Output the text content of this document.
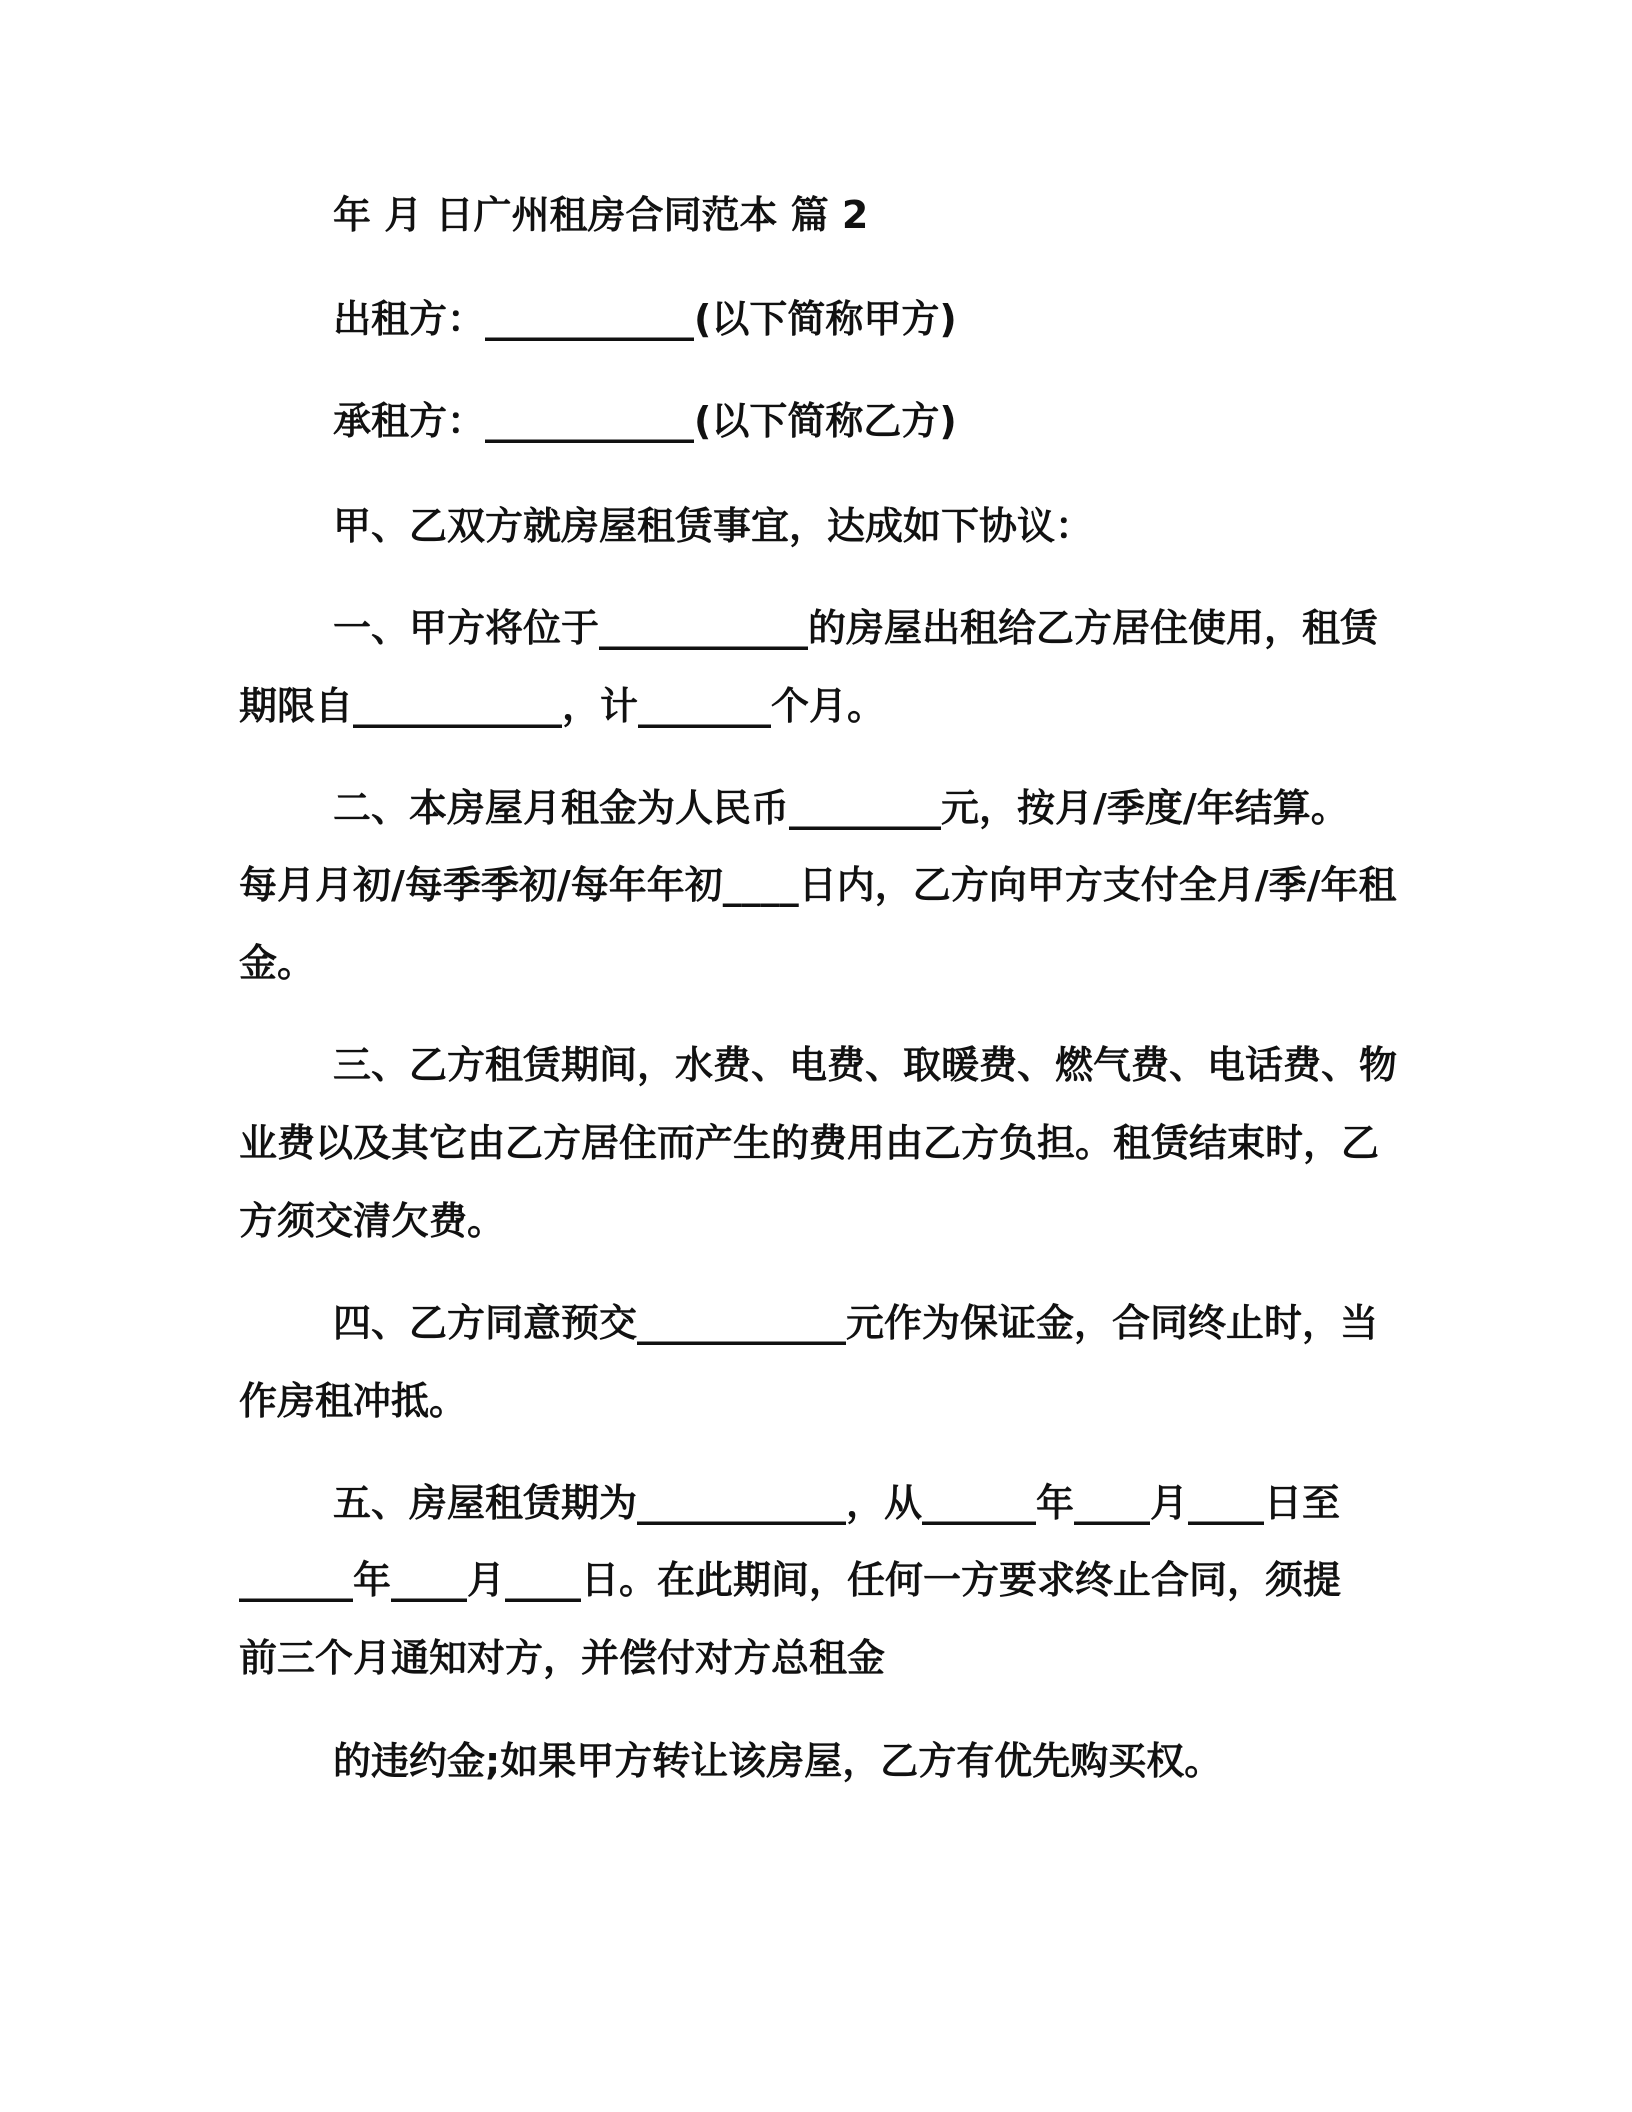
年 月 日广州租房合同范本 篇 2
出租方：___________(以下简称甲方)
承租方：___________(以下简称乙方)
甲、乙双方就房屋租赁事宜，达成如下协议：
一、甲方将位于___________的房屋出租给乙方居住使用，租赁
期限自___________，计_______个月。
二、本房屋月租金为人民币________元，按月/季度/年结算。
每月月初/每季季初/每年年初____日内，乙方向甲方支付全月/季/年租
金。
三、乙方租赁期间，水费、电费、取暖费、燃气费、电话费、物
业费以及其它由乙方居住而产生的费用由乙方负担。租赁结束时，乙
方须交清欠费。
四、乙方同意预交___________元作为保证金，合同终止时，当
作房租冲抵。
五、房屋租赁期为___________，从______年____月____日至
______年____月____日。在此期间，任何一方要求终止合同，须提
前三个月通知对方，并偿付对方总租金
的违约金;如果甲方转让该房屋，乙方有优先购买权。
